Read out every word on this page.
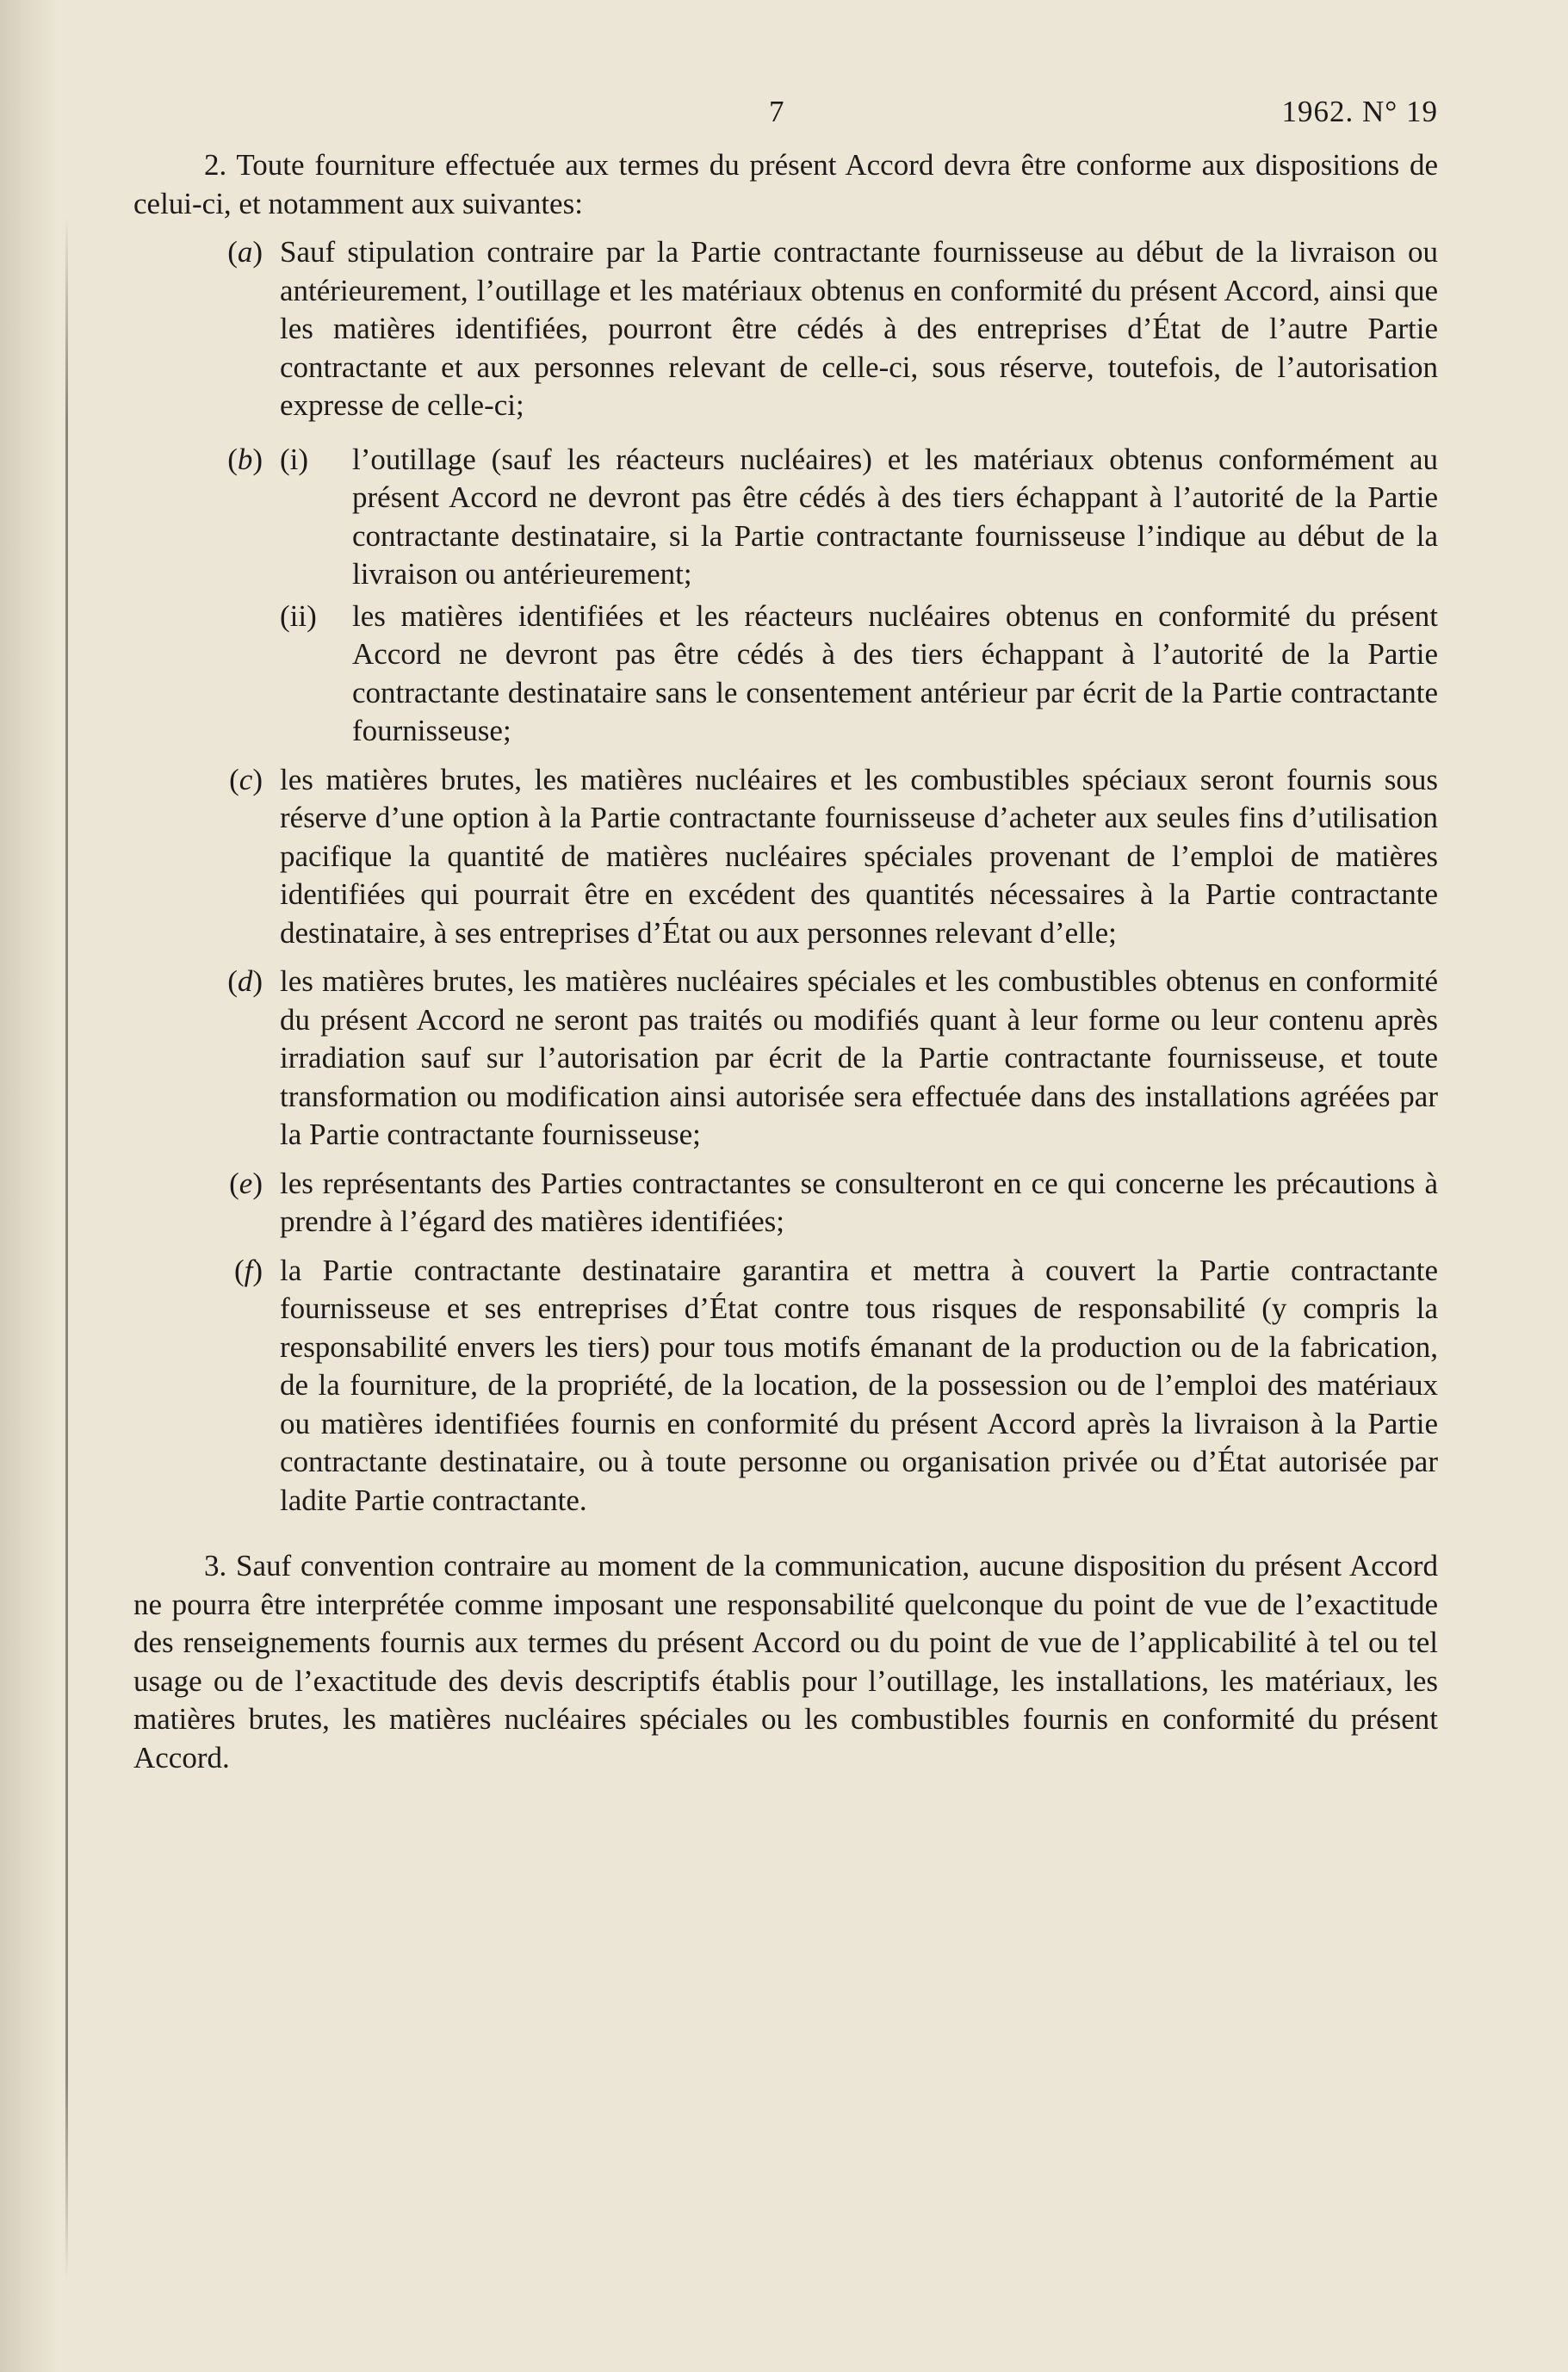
7	1962. N° 19

2. Toute fourniture effectuée aux termes du présent Accord devra être conforme aux dispositions de celui-ci, et notamment aux suivantes:

(a) Sauf stipulation contraire par la Partie contractante fournisseuse au début de la livraison ou antérieurement, l’outillage et les matériaux obtenus en conformité du présent Accord, ainsi que les matières identifiées, pourront être cédés à des entreprises d’État de l’autre Partie contractante et aux personnes relevant de celle-ci, sous réserve, toutefois, de l’autorisation expresse de celle-ci;
(b) (i)	l’outillage (sauf les réacteurs nucléaires) et les matériaux obtenus conformément au présent Accord ne devront pas être cédés à des tiers échappant à l’autorité de la Partie contractante destinataire, si la Partie contractante fournisseuse l’indique au début de la livraison ou antérieurement;
(ii)	les matières identifiées et les réacteurs nucléaires obtenus en conformité du présent Accord ne devront pas être cédés à des tiers échappant à l’autorité de la Partie contractante destinataire sans le consentement antérieur par écrit de la Partie contractante fournisseuse;
(c) les matières brutes, les matières nucléaires et les combustibles spéciaux seront fournis sous réserve d’une option à la Partie contractante fournisseuse d’acheter aux seules fins d’utilisation pacifique la quantité de matières nucléaires spéciales provenant de l’emploi de matières identifiées qui pourrait être en excédent des quantités nécessaires à la Partie contractante destinataire, à ses entreprises d’État ou aux personnes relevant d’elle;
(d) les matières brutes, les matières nucléaires spéciales et les combustibles obtenus en conformité du présent Accord ne seront pas traités ou modifiés quant à leur forme ou leur contenu après irradiation sauf sur l’autorisation par écrit de la Partie contractante fournisseuse, et toute transformation ou modification ainsi autorisée sera effectuée dans des installations agréées par la Partie contractante fournisseuse;
(e) les représentants des Parties contractantes se consulteront en ce qui concerne les précautions à prendre à l’égard des matières identifiées;
(f) la Partie contractante destinataire garantira et mettra à couvert la Partie contractante fournisseuse et ses entreprises d’État contre tous risques de responsabilité (y compris la responsabilité envers les tiers) pour tous motifs émanant de la production ou de la fabrication, de la fourniture, de la propriété, de la location, de la possession ou de l’emploi des matériaux ou matières identifiées fournis en conformité du présent Accord après la livraison à la Partie contractante destinataire, ou à toute personne ou organisation privée ou d’État autorisée par ladite Partie contractante.

3. Sauf convention contraire au moment de la communication, aucune disposition du présent Accord ne pourra être interprétée comme imposant une responsabilité quelconque du point de vue de l’exactitude des renseignements fournis aux termes du présent Accord ou du point de vue de l’applicabilité à tel ou tel usage ou de l’exactitude des devis descriptifs établis pour l’outillage, les installations, les matériaux, les matières brutes, les matières nucléaires spéciales ou les combustibles fournis en conformité du présent Accord.
